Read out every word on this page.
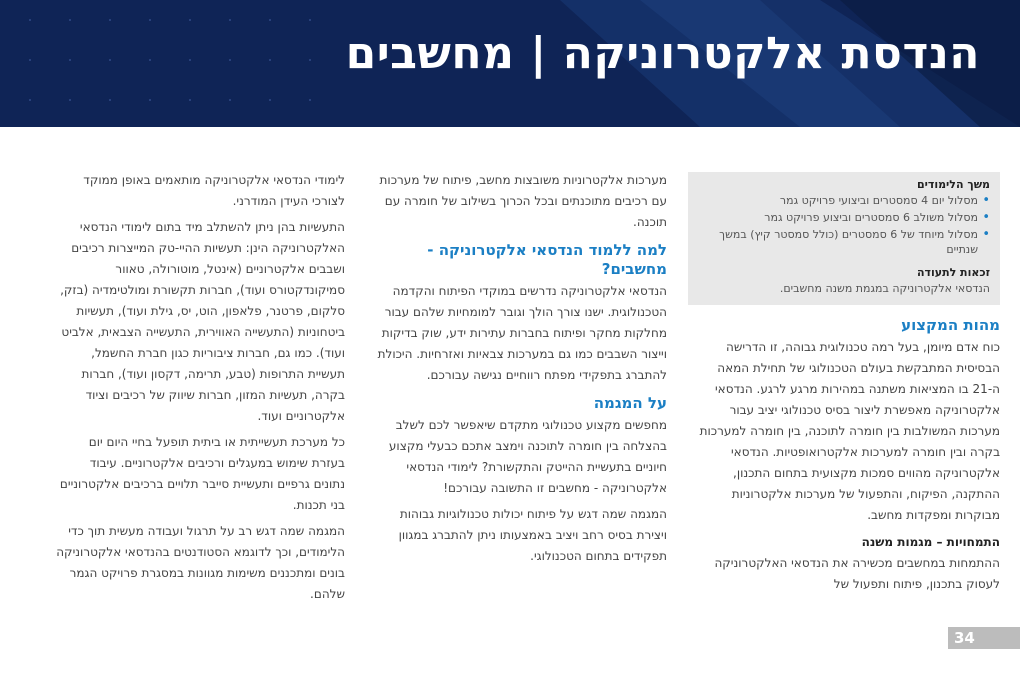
הנדסת אלקטרוניקה | מחשבים
משך הלימודים
• מסלול יום 4 סמסטרים וביצועי פרויקט גמר
• מסלול משולב 6 סמסטרים וביצוע פרויקט גמר
• מסלול מיוחד של 6 סמסטרים (כולל סמסטר קיץ) במשך שנתיים
זכאות לתעודה
הנדסאי אלקטרוניקה במגמת משנה מחשבים.
מהות המקצוע

כוח אדם מיומן, בעל רמה טכנולוגית גבוהה, זו הדרישה הבסיסית המתבקשת בעולם הטכנולוגי של תחילת המאה ה-21 בו המציאות משתנה במהירות מרגע לרגע. הנדסאי אלקטרוניקה מאפשרת ליצור בסיס טכנולוגי יציב עבור מערכות המשולבות בין חומרה לתוכנה, בין חומרה למערכות בקרה ובין חומרה למערכות אלקטרואופטיות. הנדסאי אלקטרוניקה מהווים סמכות מקצועית בתחום התכנון, ההתקנה, הפיקוח, והתפעול של מערכות אלקטרוניות מבוקרות ומפקדות מחשב.

התמחויות – מגמות משנה

ההתמחות במחשבים מכשירה את הנדסאי האלקטרוניקה לעסוק בתכנון, פיתוח ותפעול של

מערכות אלקטרוניות משובצות מחשב, פיתוח של מערכות עם רכיבים מתוכנתים ובכל הכרוך בשילוב של חומרה עם תוכנה.

למה ללמוד הנדסאי אלקטרוניקה - מחשבים?

הנדסאי אלקטרוניקה נדרשים במוקדי הפיתוח והקדמה הטכנולוגית. ישנו צורך הולך וגובר למומחיות שלהם עבור מחלקות מחקר ופיתוח בחברות עתירות ידע, שוק בדיקות וייצור השבבים כמו גם במערכות צבאיות ואזרחיות. היכולת להתברג בתפקידי מפתח רווחיים נגישה עבורכם.

על המגמה

מחפשים מקצוע טכנולוגי מתקדם שיאפשר לכם לשלב בהצלחה בין חומרה לתוכנה וימצב אתכם כבעלי מקצוע חיוניים בתעשיית ההייטק והתקשורת? לימודי הנדסאי אלקטרוניקה - מחשבים זו התשובה עבורכם!

המגמה שמה דגש על פיתוח יכולות טכנולוגיות גבוהות ויצירת בסיס רחב ויציב באמצעותו ניתן להתברג במגוון תפקידים בתחום הטכנולוגי.

לימודי הנדסאי אלקטרוניקה מותאמים באופן ממוקד לצורכי העידן המודרני.

התעשיות בהן ניתן להשתלב מיד בתום לימודי הנדסאי האלקטרוניקה הינן: תעשיות ההיי-טק המייצרות רכיבים ושבבים אלקטרוניים (אינטל, מוטורולה, טאוור סמיקונדקטורס ועוד), חברות תקשורת ומולטימדיה (בזק, סלקום, פרטנר, פלאפון, הוט, יס, גילת ועוד), תעשיות ביטחוניות (התעשייה האווירית, התעשייה הצבאית, אלביט ועוד). כמו גם, חברות ציבוריות כגון חברת החשמל, תעשיית התרופות (טבע, תרימה, דקסון ועוד), חברות בקרה, תעשיות המזון, חברות שיווק של רכיבים וציוד אלקטרוניים ועוד.

כל מערכת תעשייתית או ביתית תופעל בחיי היום יום בעזרת שימוש במעגלים ורכיבים אלקטרוניים. עיבוד נתונים גרפיים ותעשיית סייבר תלויים ברכיבים אלקטרוניים בני תכנות.

המגמה שמה דגש רב על תרגול ועבודה מעשית תוך כדי הלימודים, וכך לדוגמא הסטודנטים בהנדסאי אלקטרוניקה בונים ומתכננים משימות מגוונות במסגרת פרויקט הגמר שלהם.

34
